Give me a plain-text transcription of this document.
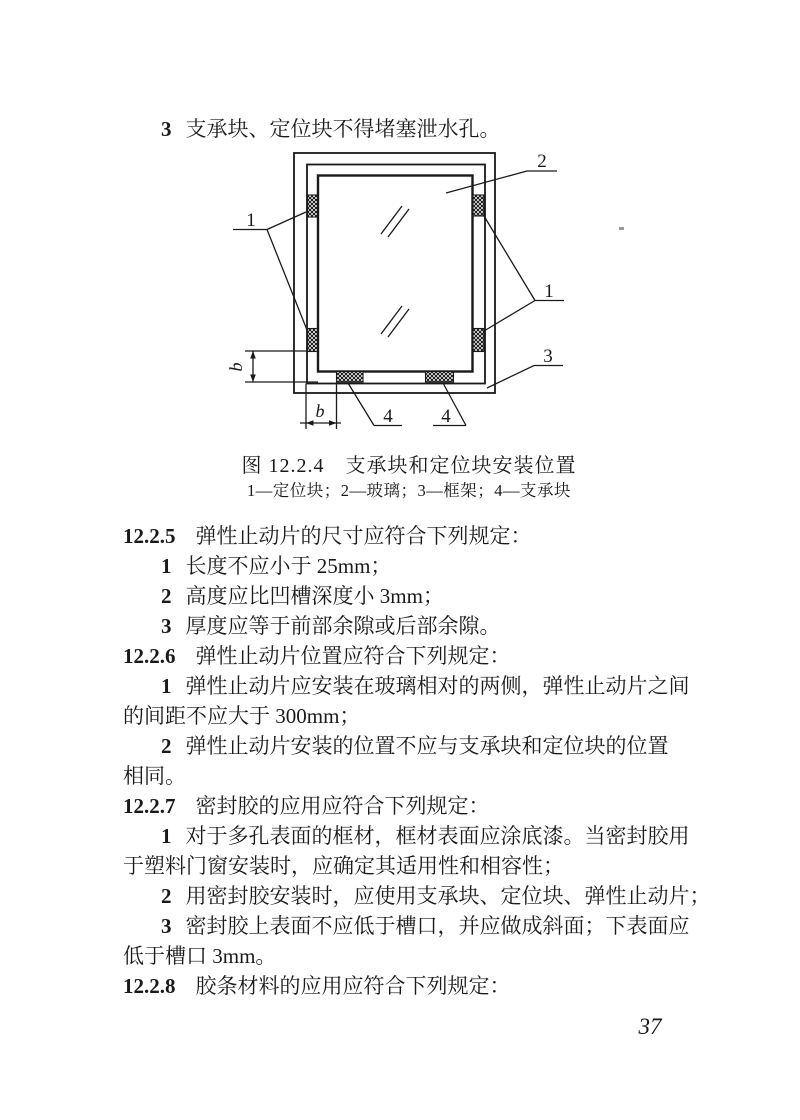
3 支承块、定位块不得堵塞泄水孔。
2
1
1
3
4	4
b
b
图 12.2.4　支承块和定位块安装位置
1—定位块；2—玻璃；3—框架；4—支承块
12.2.5 弹性止动片的尺寸应符合下列规定：
1 长度不应小于 25mm；
2 高度应比凹槽深度小 3mm；
3 厚度应等于前部余隙或后部余隙。
12.2.6 弹性止动片位置应符合下列规定：
1 弹性止动片应安装在玻璃相对的两侧，弹性止动片之间
的间距不应大于 300mm；
2 弹性止动片安装的位置不应与支承块和定位块的位置
相同。
12.2.7 密封胶的应用应符合下列规定：
1 对于多孔表面的框材，框材表面应涂底漆。当密封胶用
于塑料门窗安装时，应确定其适用性和相容性；
2 用密封胶安装时，应使用支承块、定位块、弹性止动片；
3 密封胶上表面不应低于槽口，并应做成斜面；下表面应
低于槽口 3mm。
12.2.8 胶条材料的应用应符合下列规定：
37
